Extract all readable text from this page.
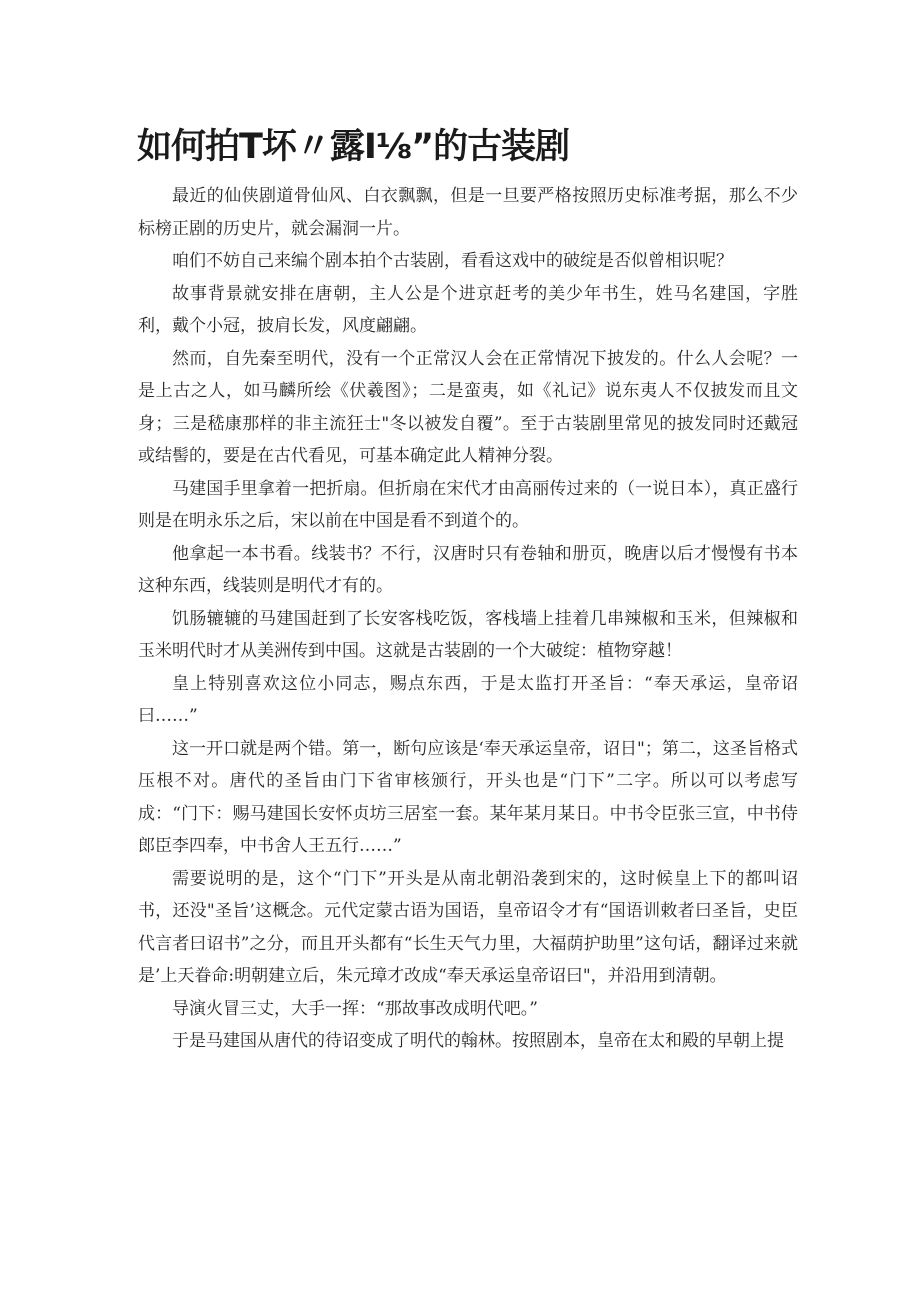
如何拍T坏〃露I⅛”的古装剧

最近的仙侠剧道骨仙风、白衣飘飘，但是一旦要严格按照历史标准考据，那么不少标榜正剧的历史片，就会漏洞一片。

咱们不妨自己来编个剧本拍个古装剧，看看这戏中的破绽是否似曾相识呢？

故事背景就安排在唐朝，主人公是个进京赶考的美少年书生，姓马名建国，字胜利，戴个小冠，披肩长发，风度翩翩。

然而，自先秦至明代，没有一个正常汉人会在正常情况下披发的。什么人会呢？一是上古之人，如马麟所绘《伏羲图》；二是蛮夷，如《礼记》说东夷人不仅披发而且文身；三是嵇康那样的非主流狂士"冬以被发自覆”。至于古装剧里常见的披发同时还戴冠或结髻的，要是在古代看见，可基本确定此人精神分裂。

马建国手里拿着一把折扇。但折扇在宋代才由高丽传过来的（一说日本），真正盛行则是在明永乐之后，宋以前在中国是看不到道个的。

他拿起一本书看。线装书？不行，汉唐时只有卷轴和册页，晚唐以后才慢慢有书本这种东西，线装则是明代才有的。

饥肠辘辘的马建国赶到了长安客栈吃饭，客栈墙上挂着几串辣椒和玉米，但辣椒和玉米明代时才从美洲传到中国。这就是古装剧的一个大破绽：植物穿越！

皇上特别喜欢这位小同志，赐点东西，于是太监打开圣旨：“奉天承运，皇帝诏曰……”

这一开口就是两个错。第一，断句应该是‘奉天承运皇帝，诏日"；第二，这圣旨格式压根不对。唐代的圣旨由门下省审核颁行，开头也是“门下”二字。所以可以考虑写成：“门下：赐马建国长安怀贞坊三居室一套。某年某月某日。中书令臣张三宣，中书侍郎臣李四奉，中书舍人王五行……”

需要说明的是，这个“门下”开头是从南北朝沿袭到宋的，这时候皇上下的都叫诏书，还没"圣旨’这概念。元代定蒙古语为国语，皇帝诏令才有“国语训敕者曰圣旨，史臣代言者曰诏书”之分，而且开头都有“长生天气力里，大福荫护助里”这句话，翻译过来就是’上天眷命:明朝建立后，朱元璋才改成“奉天承运皇帝诏曰"，并沿用到清朝。

导演火冒三丈，大手一挥：“那故事改成明代吧。”

于是马建国从唐代的待诏变成了明代的翰林。按照剧本，皇帝在太和殿的早朝上提
